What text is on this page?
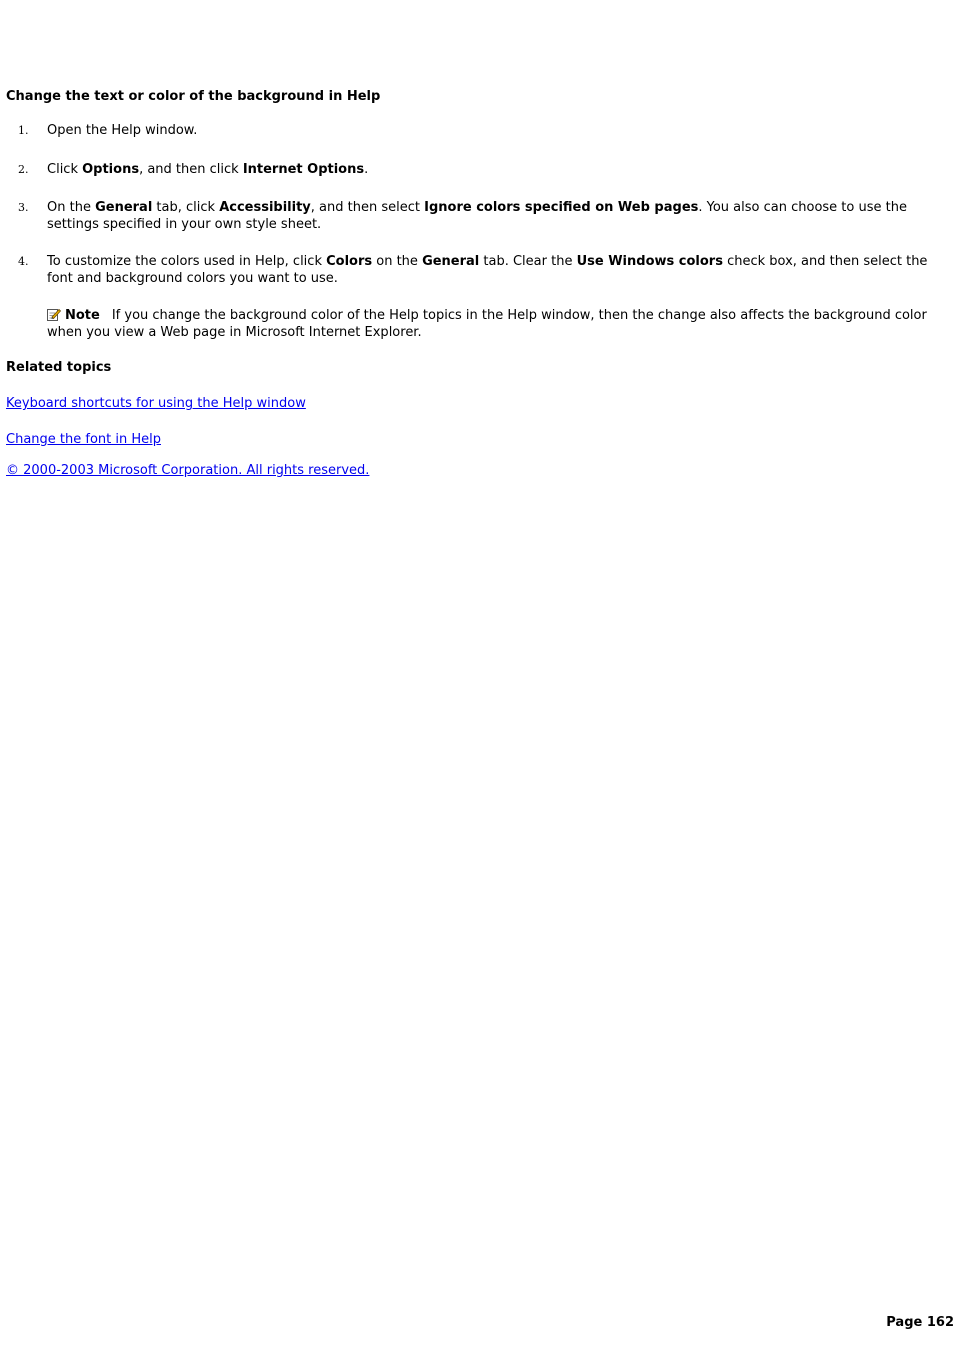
Change the text or color of the background in Help
1. Open the Help window.
2. Click Options, and then click Internet Options.
3. On the General tab, click Accessibility, and then select Ignore colors specified on Web pages. You also can choose to use the settings specified in your own style sheet.
4. To customize the colors used in Help, click Colors on the General tab. Clear the Use Windows colors check box, and then select the font and background colors you want to use.
Note If you change the background color of the Help topics in the Help window, then the change also affects the background color when you view a Web page in Microsoft Internet Explorer.
Related topics
Keyboard shortcuts for using the Help window
Change the font in Help
© 2000-2003 Microsoft Corporation. All rights reserved.
Page 162
